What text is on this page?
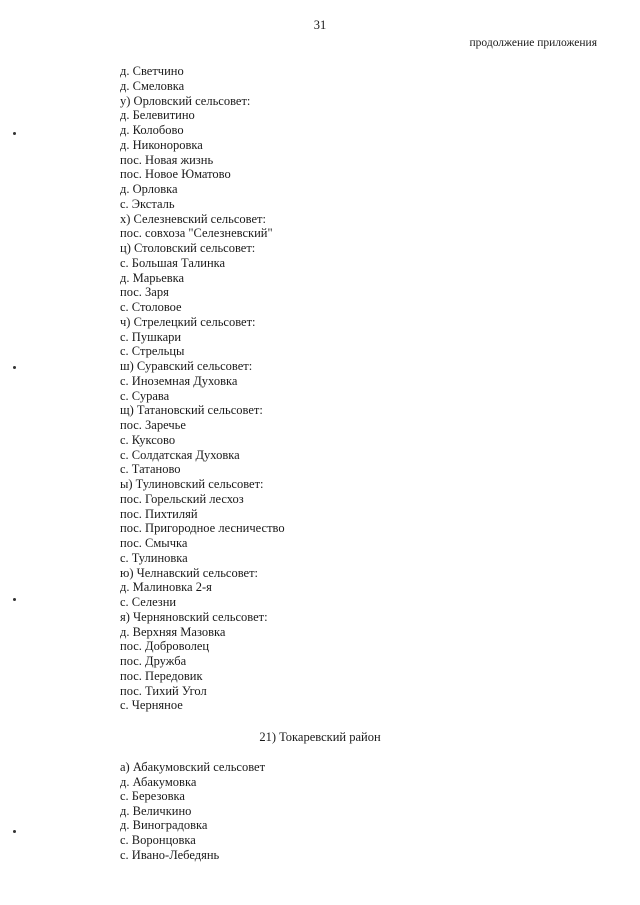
31
продолжение приложения
д. Светчино
д. Смеловка
у) Орловский сельсовет:
д. Белевитино
д. Колобово
д. Никоноровка
пос. Новая жизнь
пос. Новое Юматово
д. Орловка
с. Эксталь
х) Селезневский сельсовет:
пос. совхоза "Селезневский"
ц) Столовский сельсовет:
с. Большая Талинка
д. Марьевка
пос. Заря
с. Столовое
ч) Стрелецкий сельсовет:
с. Пушкари
с. Стрельцы
ш) Суравский сельсовет:
с. Иноземная Духовка
с. Сурава
щ) Татановский сельсовет:
пос. Заречье
с. Куксово
с. Солдатская Духовка
с. Татаново
ы) Тулиновский сельсовет:
пос. Горельский лесхоз
пос. Пихтиляй
пос. Пригородное лесничество
пос. Смычка
с. Тулиновка
ю) Челнавский сельсовет:
д. Малиновка 2-я
с. Селезни
я) Черняновский сельсовет:
д. Верхняя Мазовка
пос. Доброволец
пос. Дружба
пос. Передовик
пос. Тихий Угол
с. Черняное
21) Токаревский район
а) Абакумовский сельсовет
д. Абакумовка
с. Березовка
д. Величкино
д. Виноградовка
с. Воронцовка
с. Ивано-Лебедянь
